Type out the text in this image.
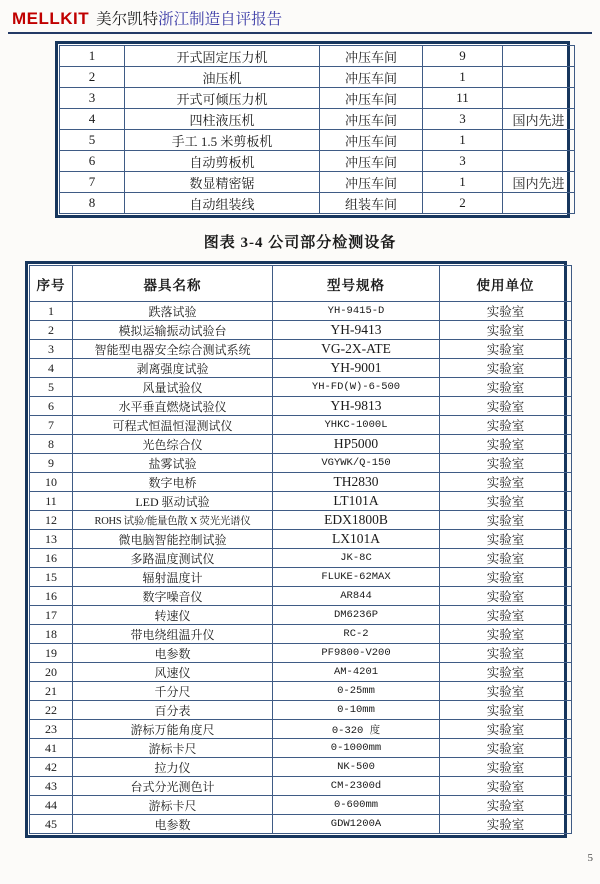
MELLKIT 美尔凯特 浙江制造自评报告
1	开式固定压力机	冲压车间	9	
2	油压机	冲压车间	1	
3	开式可倾压力机	冲压车间	11	
4	四柱液压机	冲压车间	3	国内先进
5	手工 1.5 米剪板机	冲压车间	1	
6	自动剪板机	冲压车间	3	
7	数显精密锯	冲压车间	1	国内先进
8	自动组装线	组装车间	2	

图表 3-4 公司部分检测设备

序号	器具名称	型号规格	使用单位
1	跌落试验	YH-9415-D	实验室
2	模拟运输振动试验台	YH-9413	实验室
3	智能型电器安全综合测试系统	VG-2X-ATE	实验室
4	剥离强度试验	YH-9001	实验室
5	风量试验仪	YH-FD(W)-6-500	实验室
6	水平垂直燃烧试验仪	YH-9813	实验室
7	可程式恒温恒湿测试仪	YHKC-1000L	实验室
8	光色综合仪	HP5000	实验室
9	盐雾试验	VGYWK/Q-150	实验室
10	数字电桥	TH2830	实验室
11	LED 驱动试验	LT101A	实验室
12	ROHS 试验/能量色散 X 荧光光谱仪	EDX1800B	实验室
13	微电脑智能控制试验	LX101A	实验室
16	多路温度测试仪	JK-8C	实验室
15	辐射温度计	FLUKE-62MAX	实验室
16	数字噪音仪	AR844	实验室
17	转速仪	DM6236P	实验室
18	带电绕组温升仪	RC-2	实验室
19	电参数	PF9800-V200	实验室
20	风速仪	AM-4201	实验室
21	千分尺	0-25mm	实验室
22	百分表	0-10mm	实验室
23	游标万能角度尺	0-320 度	实验室
41	游标卡尺	0-1000mm	实验室
42	拉力仪	NK-500	实验室
43	台式分光测色计	CM-2300d	实验室
44	游标卡尺	0-600mm	实验室
45	电参数	GDW1200A	实验室
5
